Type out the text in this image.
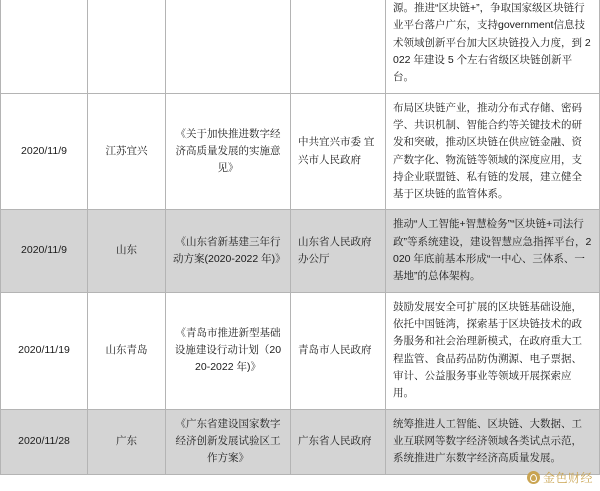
				源。推进“区块链+”，争取国家级区块链行业平台落户广东，支持government信息技术领域创新平台加大区块链投入力度，到 2022 年建设 5 个左右省级区块链创新平台。
2020/11/9	江苏宜兴	《关于加快推进数字经济高质量发展的实施意见》	中共宜兴市委 宜兴市人民政府	布局区块链产业，推动分布式存储、密码学、共识机制、智能合约等关键技术的研发和突破，推动区块链在供应链金融、资产数字化、物流链等领域的深度应用，支持企业联盟链、私有链的发展，建立健全基于区块链的监管体系。
2020/11/9	山东	《山东省新基建三年行动方案(2020-2022 年)》	山东省人民政府办公厅	推动“人工智能+智慧检务”“区块链+司法行政”等系统建设，建设智慧应急指挥平台，2020 年底前基本形成“一中心、三体系、一基地”的总体架构。
2020/11/19	山东青岛	《青岛市推进新型基础设施建设行动计划（2020-2022 年)》	青岛市人民政府	鼓励发展安全可扩展的区块链基础设施，依托中国链湾，探索基于区块链技术的政务服务和社会治理新模式，在政府重大工程监管、食品药品防伪溯源、电子票据、审计、公益服务事业等领域开展探索应用。
2020/11/28	广东	《广东省建设国家数字经济创新发展试验区工作方案》	广东省人民政府	统筹推进人工智能、区块链、大数据、工业互联网等数字经济领域各类试点示范，系统推进广东数字经济高质量发展。
金色财经
